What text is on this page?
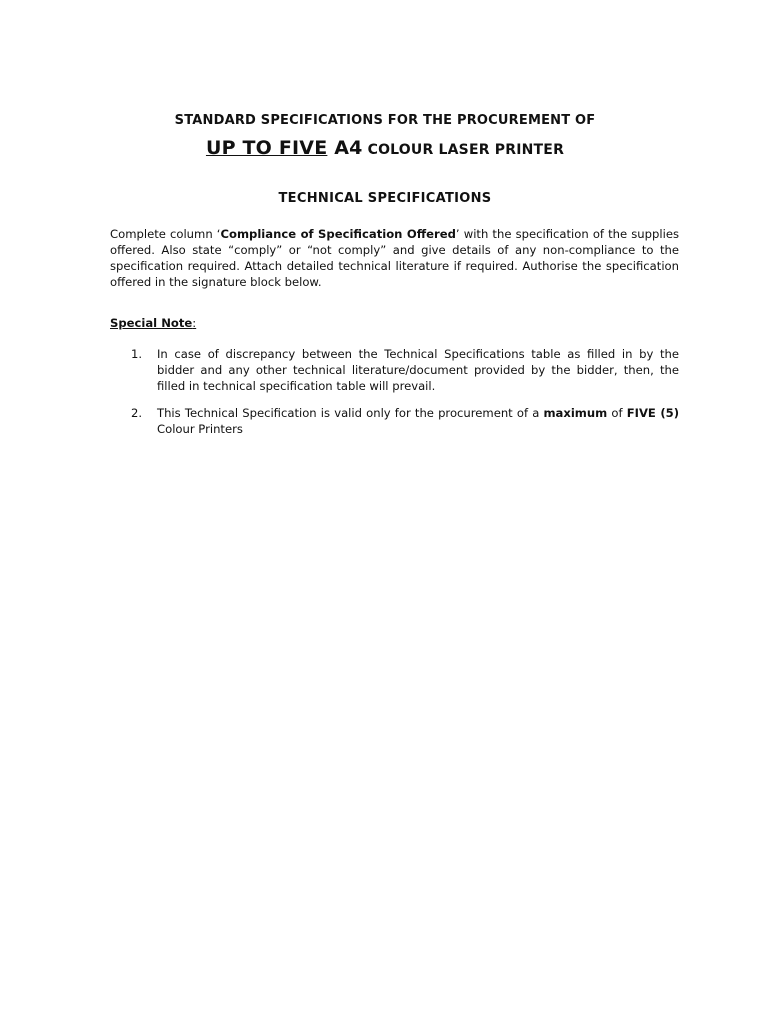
STANDARD SPECIFICATIONS FOR THE PROCUREMENT OF
UP TO FIVE A4 COLOUR LASER PRINTER
TECHNICAL SPECIFICATIONS
Complete column ‘Compliance of Specification Offered’ with the specification of the supplies offered. Also state “comply” or “not comply” and give details of any non-compliance to the specification required. Attach detailed technical literature if required. Authorise the specification offered in the signature block below.
Special Note:
1. In case of discrepancy between the Technical Specifications table as filled in by the bidder and any other technical literature/document provided by the bidder, then, the filled in technical specification table will prevail.
2. This Technical Specification is valid only for the procurement of a maximum of FIVE (5) Colour Printers
